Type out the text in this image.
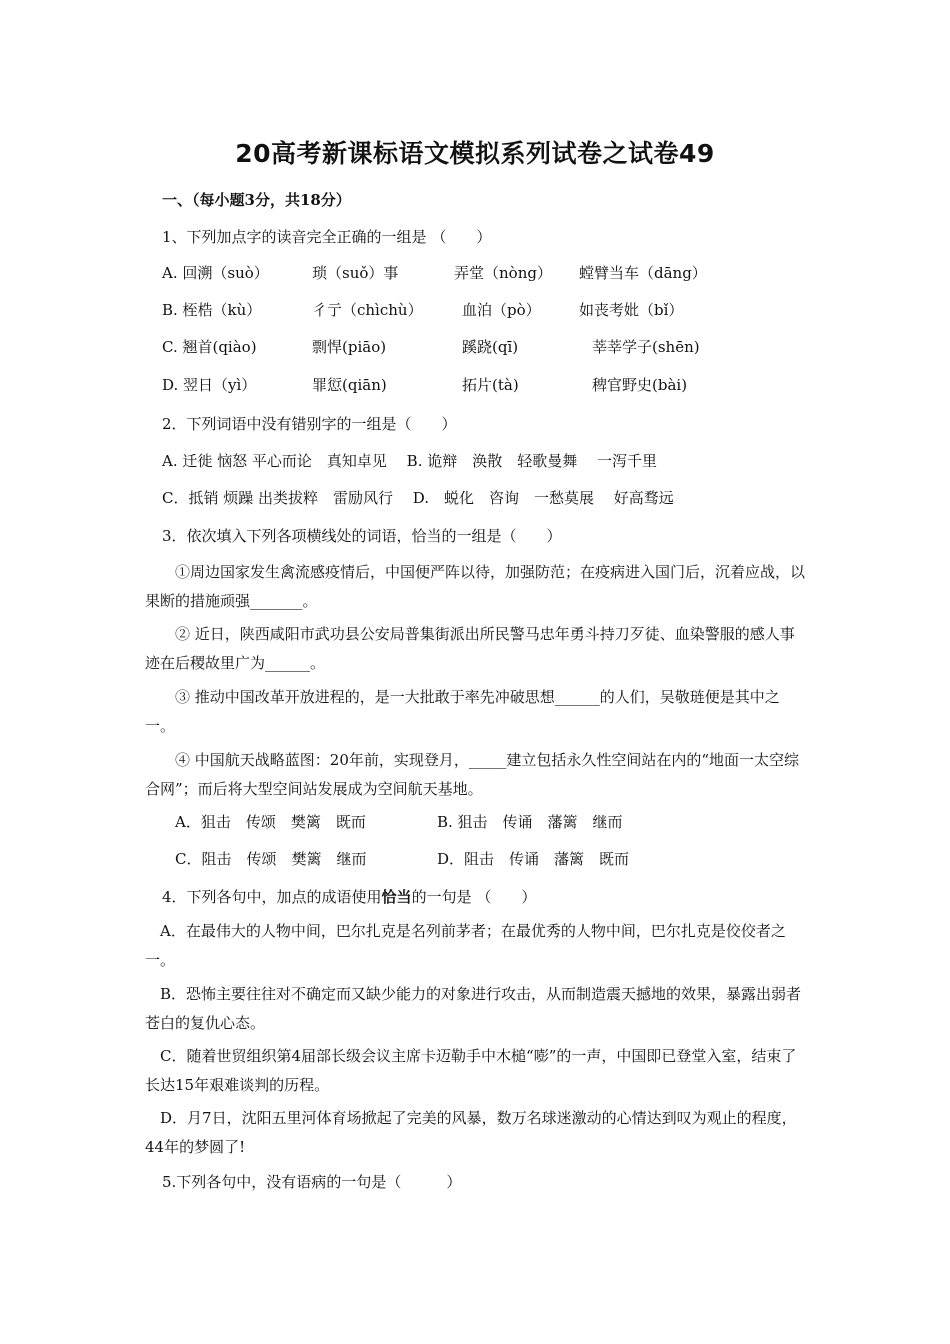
20高考新课标语文模拟系列试卷之试卷49
一、（每小题3分，共18分）
1、下列加点字的读音完全正确的一组是 （　　）
A. 回溯（suò）	琐（suǒ）事	弄堂（nòng） 螳臂当车（dāng）
B. 桎梏（kù）	彳亍（chìchù）	血泊（pò）	如丧考妣（bǐ）
C. 翘首(qiào)	剽悍(piāo)	蹊跷(qī)	莘莘学子(shēn)
D. 翌日（yì）	罪愆(qiān)	拓片(tà)	稗官野史(bài)
2．下列词语中没有错别字的一组是（　　）
A. 迁徙 恼怒 平心而论　真知卓见　 B. 诡辩　涣散　轻歌曼舞　 一泻千里
C．抵销 烦躁 出类拔粹　雷励风行　 D.　蜕化　咨询　一愁莫展　 好高骛远
3．依次填入下列各项横线处的词语，恰当的一组是（　　）
①周边国家发生禽流感疫情后，中国便严阵以待，加强防范；在疫病进入国门后，沉着应战，以果断的措施顽强_______。
② 近日，陕西咸阳市武功县公安局普集街派出所民警马忠年勇斗持刀歹徒、血染警服的感人事迹在后稷故里广为______。
③ 推动中国改革开放进程的，是一大批敢于率先冲破思想______的人们，吴敬琏便是其中之一。
④ 中国航天战略蓝图：20年前，实现登月，_____建立包括永久性空间站在内的“地面一太空综合网”；而后将大型空间站发展成为空间航天基地。
A．狙击　传颂　樊篱　既而	B. 狙击　传诵　藩篱　继而
C．阻击　传颂　樊篱　继而	D．阻击　传诵　藩篱　既而
4．下列各句中，加点的成语使用恰当的一句是 （　　）
A．在最伟大的人物中间，巴尔扎克是名列前茅者；在最优秀的人物中间，巴尔扎克是佼佼者之一。
B．恐怖主要往往对不确定而又缺少能力的对象进行攻击，从而制造震天撼地的效果，暴露出弱者苍白的复仇心态。
C．随着世贸组织第4届部长级会议主席卡迈勒手中木槌“嘭”的一声，中国即已登堂入室，结束了长达15年艰难谈判的历程。
D．月7日，沈阳五里河体育场掀起了完美的风暴，数万名球迷激动的心情达到叹为观止的程度，44年的梦圆了!
5.下列各句中，没有语病的一句是（　　　）
